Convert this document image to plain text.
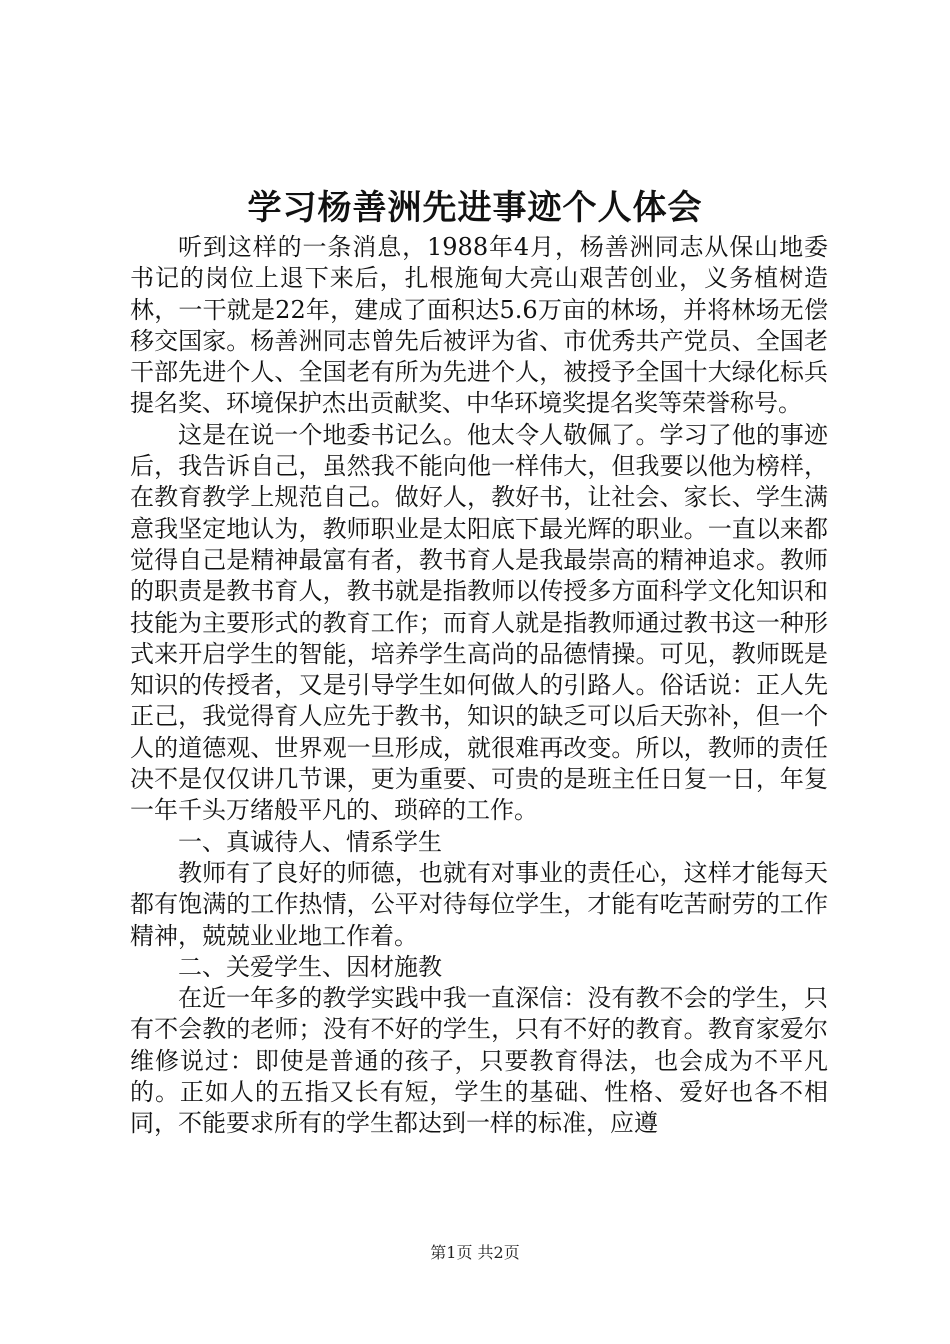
学习杨善洲先进事迹个人体会

听到这样的一条消息，1988年4月，杨善洲同志从保山地委书记的岗位上退下来后，扎根施甸大亮山艰苦创业，义务植树造林，一干就是22年，建成了面积达5.6万亩的林场，并将林场无偿移交国家。杨善洲同志曾先后被评为省、市优秀共产党员、全国老干部先进个人、全国老有所为先进个人，被授予全国十大绿化标兵提名奖、环境保护杰出贡献奖、中华环境奖提名奖等荣誉称号。

这是在说一个地委书记么。他太令人敬佩了。学习了他的事迹后，我告诉自己，虽然我不能向他一样伟大，但我要以他为榜样，在教育教学上规范自己。做好人，教好书，让社会、家长、学生满意我坚定地认为，教师职业是太阳底下最光辉的职业。一直以来都觉得自己是精神最富有者，教书育人是我最崇高的精神追求。教师的职责是教书育人，教书就是指教师以传授多方面科学文化知识和技能为主要形式的教育工作；而育人就是指教师通过教书这一种形式来开启学生的智能，培养学生高尚的品德情操。可见，教师既是知识的传授者，又是引导学生如何做人的引路人。俗话说：正人先正己，我觉得育人应先于教书，知识的缺乏可以后天弥补，但一个人的道德观、世界观一旦形成，就很难再改变。所以，教师的责任决不是仅仅讲几节课，更为重要、可贵的是班主任日复一日，年复一年千头万绪般平凡的、琐碎的工作。

一、真诚待人、情系学生

教师有了良好的师德，也就有对事业的责任心，这样才能每天都有饱满的工作热情，公平对待每位学生，才能有吃苦耐劳的工作精神，兢兢业业地工作着。

二、关爱学生、因材施教

在近一年多的教学实践中我一直深信：没有教不会的学生，只有不会教的老师；没有不好的学生，只有不好的教育。教育家爱尔维修说过：即使是普通的孩子，只要教育得法，也会成为不平凡的。正如人的五指又长有短，学生的基础、性格、爱好也各不相同，不能要求所有的学生都达到一样的标准，应遵

第1页 共2页
